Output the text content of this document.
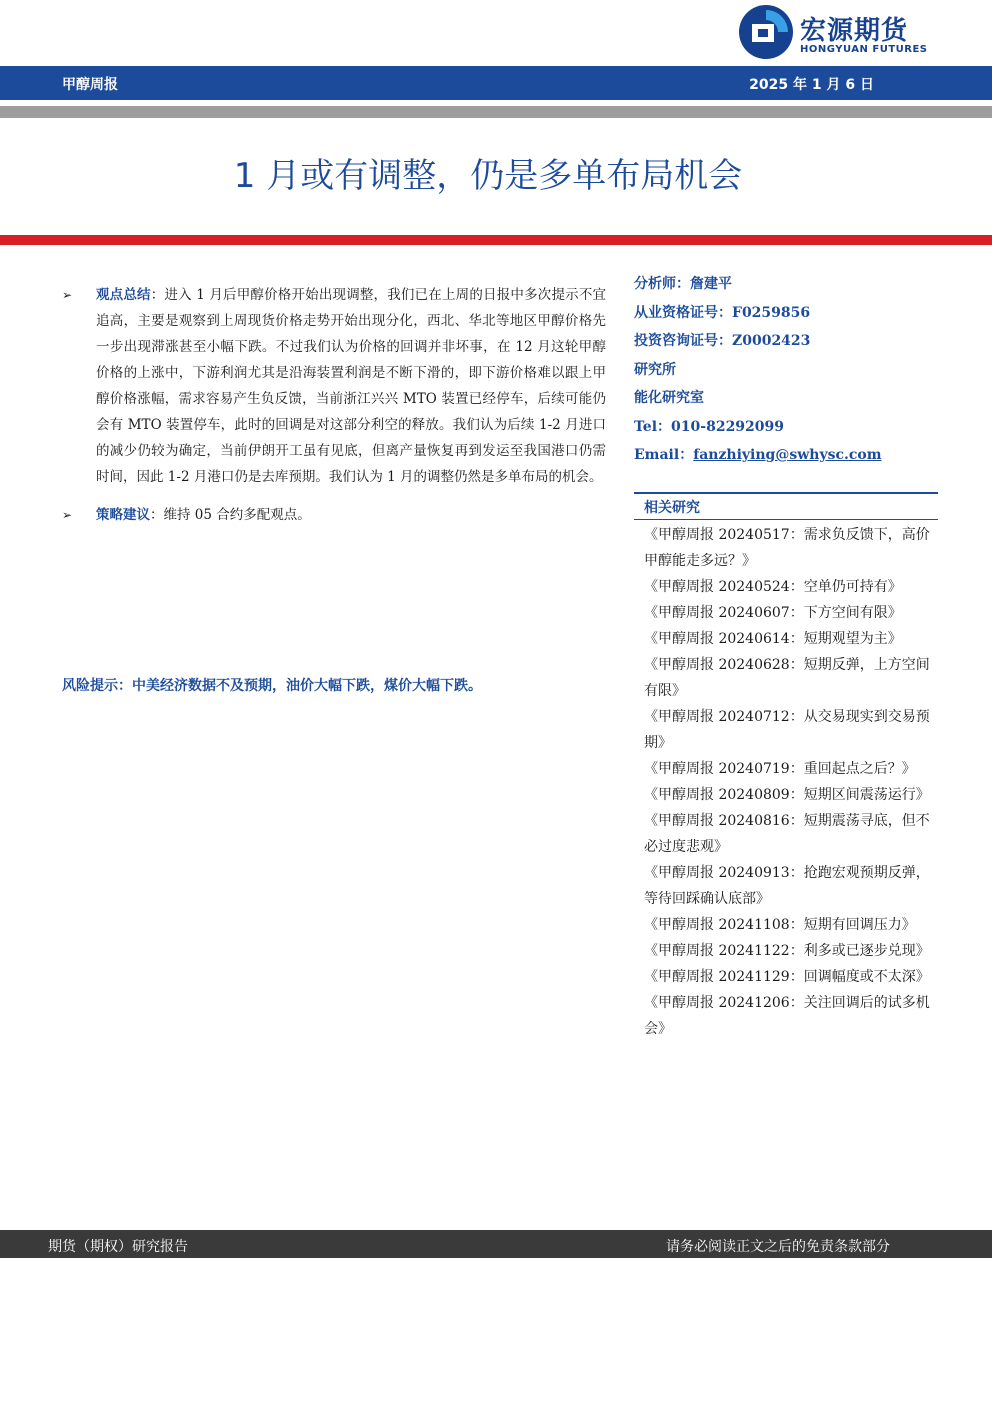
宏源期货
HONGYUAN FUTURES
甲醇周报	2025 年 1 月 6 日
1 月或有调整，仍是多单布局机会
➢ 观点总结：进入 1 月后甲醇价格开始出现调整，我们已在上周的日报中多次提示不宜追高，主要是观察到上周现货价格走势开始出现分化，西北、华北等地区甲醇价格先一步出现滞涨甚至小幅下跌。不过我们认为价格的回调并非坏事，在 12 月这轮甲醇价格的上涨中，下游利润尤其是沿海装置利润是不断下滑的，即下游价格难以跟上甲醇价格涨幅，需求容易产生负反馈，当前浙江兴兴 MTO 装置已经停车，后续可能仍会有 MTO 装置停车，此时的回调是对这部分利空的释放。我们认为后续 1-2 月进口的减少仍较为确定，当前伊朗开工虽有见底，但离产量恢复再到发运至我国港口仍需时间，因此 1-2 月港口仍是去库预期。我们认为 1 月的调整仍然是多单布局的机会。
➢ 策略建议：维持 05 合约多配观点。
风险提示：中美经济数据不及预期，油价大幅下跌，煤价大幅下跌。
分析师：詹建平
从业资格证号：F0259856
投资咨询证号：Z0002423
研究所
能化研究室
Tel：010-82292099
Email：fanzhiying@swhysc.com
相关研究
《甲醇周报 20240517：需求负反馈下，高价甲醇能走多远？》
《甲醇周报 20240524：空单仍可持有》
《甲醇周报 20240607：下方空间有限》
《甲醇周报 20240614：短期观望为主》
《甲醇周报 20240628：短期反弹，上方空间有限》
《甲醇周报 20240712：从交易现实到交易预期》
《甲醇周报 20240719：重回起点之后？》
《甲醇周报 20240809：短期区间震荡运行》
《甲醇周报 20240816：短期震荡寻底，但不必过度悲观》
《甲醇周报 20240913：抢跑宏观预期反弹，等待回踩确认底部》
《甲醇周报 20241108：短期有回调压力》
《甲醇周报 20241122：利多或已逐步兑现》
《甲醇周报 20241129：回调幅度或不太深》
《甲醇周报 20241206：关注回调后的试多机会》
期货（期权）研究报告	请务必阅读正文之后的免责条款部分
